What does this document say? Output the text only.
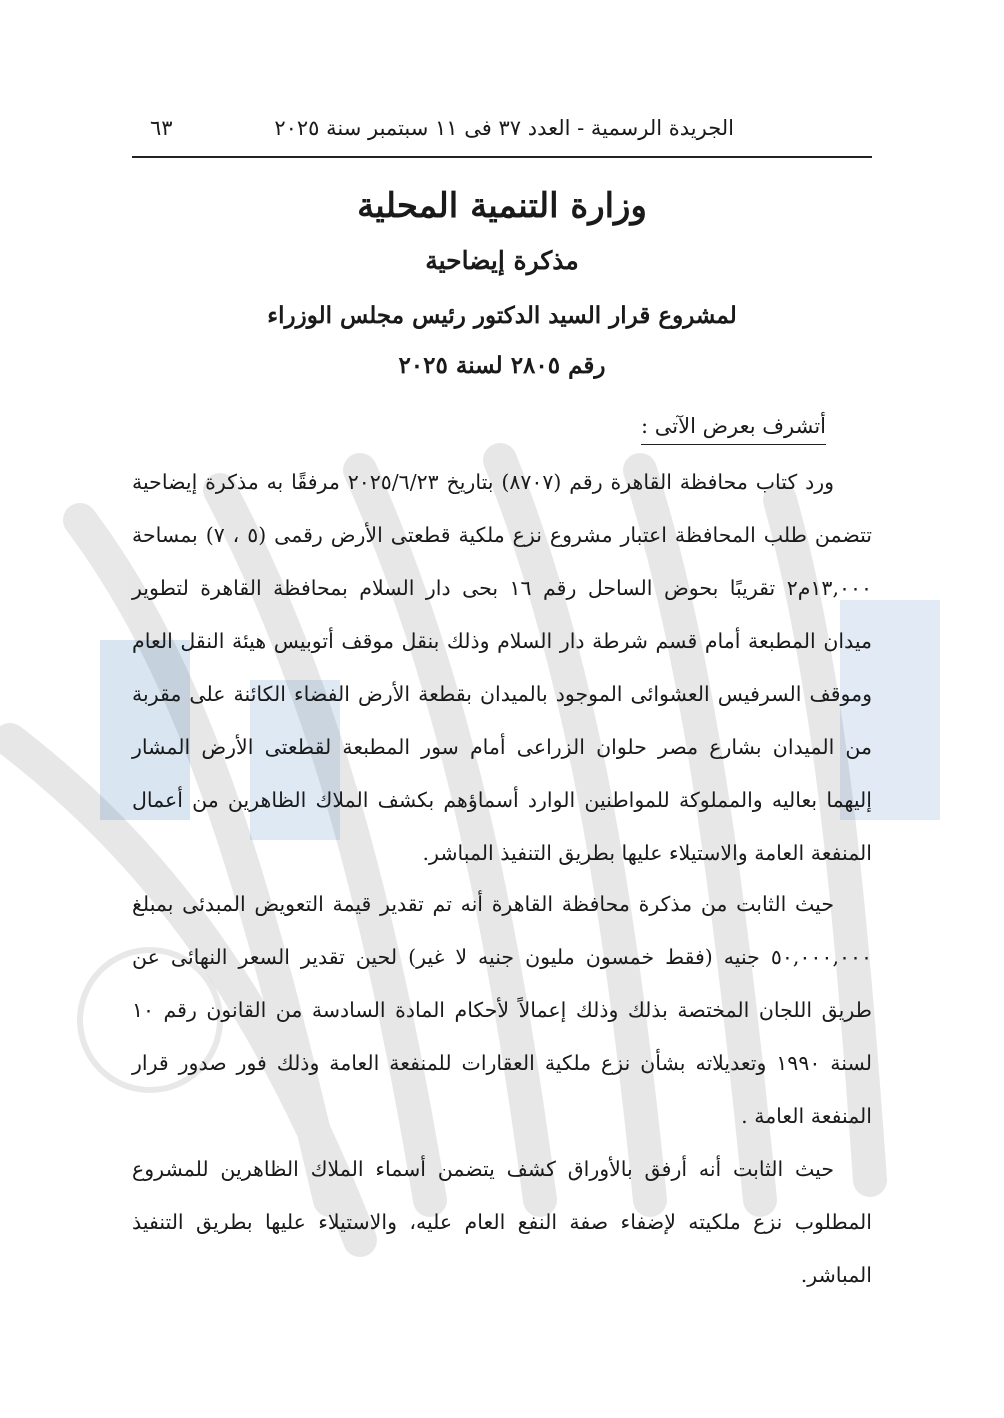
الجريدة الرسمية - العدد ٣٧ فى ١١ سبتمبر سنة ٢٠٢٥
٦٣
وزارة التنمية المحلية
مذكرة إيضاحية
لمشروع قرار السيد الدكتور رئيس مجلس الوزراء
رقم ٢٨٠٥ لسنة ٢٠٢٥
أتشرف بعرض الآتى :

ورد كتاب محافظة القاهرة رقم (٨٧٠٧) بتاريخ ٢٠٢٥/٦/٢٣ مرفقًا به مذكرة إيضاحية تتضمن طلب المحافظة اعتبار مشروع نزع ملكية قطعتى الأرض رقمى (٥ ، ٧) بمساحة ١٣,٠٠٠م٢ تقريبًا بحوض الساحل رقم ١٦ بحى دار السلام بمحافظة القاهرة لتطوير ميدان المطبعة أمام قسم شرطة دار السلام وذلك بنقل موقف أتوبيس هيئة النقل العام وموقف السرفيس العشوائى الموجود بالميدان بقطعة الأرض الفضاء الكائنة على مقربة من الميدان بشارع مصر حلوان الزراعى أمام سور المطبعة لقطعتى الأرض المشار إليهما بعاليه والمملوكة للمواطنين الوارد أسماؤهم بكشف الملاك الظاهرين من أعمال المنفعة العامة والاستيلاء عليها بطريق التنفيذ المباشر.

حيث الثابت من مذكرة محافظة القاهرة أنه تم تقدير قيمة التعويض المبدئى بمبلغ ٥٠,٠٠٠,٠٠٠ جنيه (فقط خمسون مليون جنيه لا غير) لحين تقدير السعر النهائى عن طريق اللجان المختصة بذلك وذلك إعمالاً لأحكام المادة السادسة من القانون رقم ١٠ لسنة ١٩٩٠ وتعديلاته بشأن نزع ملكية العقارات للمنفعة العامة وذلك فور صدور قرار المنفعة العامة .

حيث الثابت أنه أرفق بالأوراق كشف يتضمن أسماء الملاك الظاهرين للمشروع المطلوب نزع ملكيته لإضفاء صفة النفع العام عليه، والاستيلاء عليها بطريق التنفيذ المباشر.
